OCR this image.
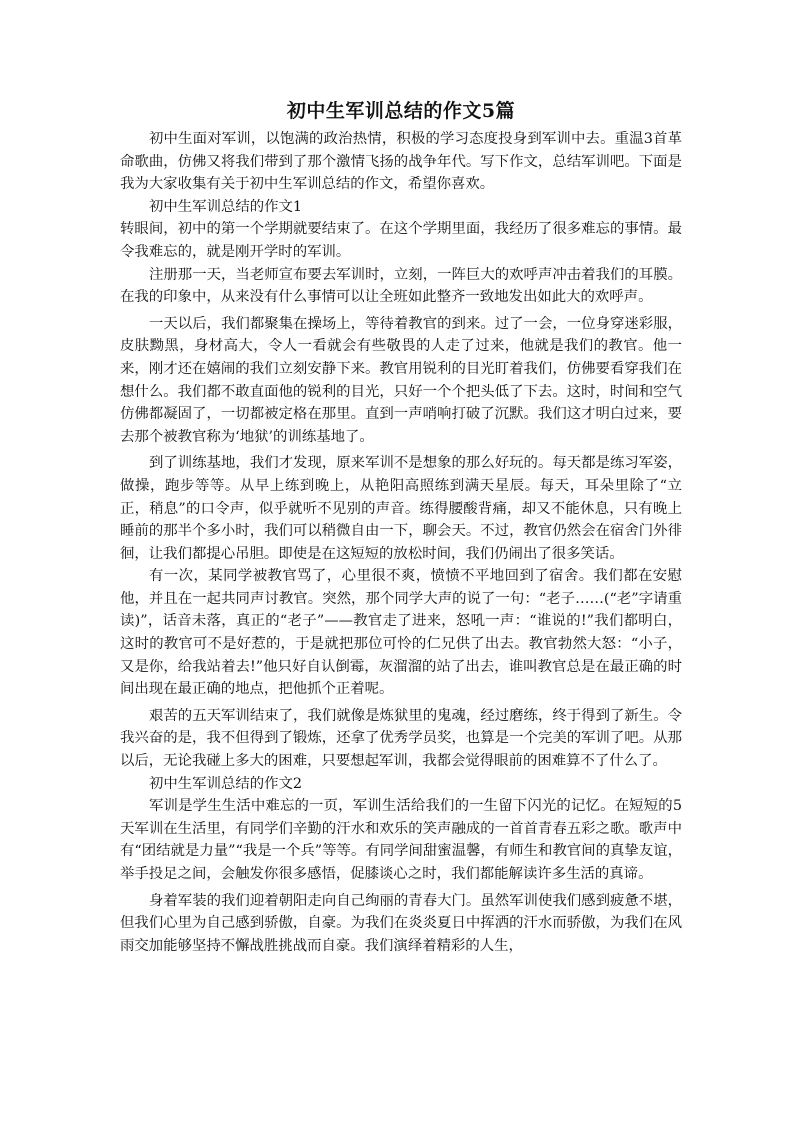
初中生军训总结的作文5篇

初中生面对军训，以饱满的政治热情，积极的学习态度投身到军训中去。重温3首革命歌曲，仿佛又将我们带到了那个激情飞扬的战争年代。写下作文，总结军训吧。下面是我为大家收集有关于初中生军训总结的作文，希望你喜欢。

初中生军训总结的作文1

转眼间，初中的第一个学期就要结束了。在这个学期里面，我经历了很多难忘的事情。最令我难忘的，就是刚开学时的军训。

注册那一天，当老师宣布要去军训时，立刻，一阵巨大的欢呼声冲击着我们的耳膜。在我的印象中，从来没有什么事情可以让全班如此整齐一致地发出如此大的欢呼声。

一天以后，我们都聚集在操场上，等待着教官的到来。过了一会，一位身穿迷彩服，皮肤黝黑，身材高大，令人一看就会有些敬畏的人走了过来，他就是我们的教官。他一来，刚才还在嬉闹的我们立刻安静下来。教官用锐利的目光盯着我们，仿佛要看穿我们在想什么。我们都不敢直面他的锐利的目光，只好一个个把头低了下去。这时，时间和空气仿佛都凝固了，一切都被定格在那里。直到一声哨响打破了沉默。我们这才明白过来，要去那个被教官称为‘地狱’的训练基地了。

到了训练基地，我们才发现，原来军训不是想象的那么好玩的。每天都是练习军姿，做操，跑步等等。从早上练到晚上，从艳阳高照练到满天星辰。每天，耳朵里除了“立正，稍息”的口令声，似乎就听不见别的声音。练得腰酸背痛，却又不能休息，只有晚上睡前的那半个多小时，我们可以稍微自由一下，聊会天。不过，教官仍然会在宿舍门外徘徊，让我们都提心吊胆。即使是在这短短的放松时间，我们仍闹出了很多笑话。

有一次，某同学被教官骂了，心里很不爽，愤愤不平地回到了宿舍。我们都在安慰他，并且在一起共同声讨教官。突然，那个同学大声的说了一句：“老子……(“老”字请重读)”，话音未落，真正的“老子”——教官走了进来，怒吼一声：“谁说的!”我们都明白，这时的教官可不是好惹的，于是就把那位可怜的仁兄供了出去。教官勃然大怒：“小子，又是你，给我站着去!”他只好自认倒霉，灰溜溜的站了出去，谁叫教官总是在最正确的时间出现在最正确的地点，把他抓个正着呢。

艰苦的五天军训结束了，我们就像是炼狱里的鬼魂，经过磨练，终于得到了新生。令我兴奋的是，我不但得到了锻炼，还拿了优秀学员奖，也算是一个完美的军训了吧。从那以后，无论我碰上多大的困难，只要想起军训，我都会觉得眼前的困难算不了什么了。

初中生军训总结的作文2

军训是学生生活中难忘的一页，军训生活给我们的一生留下闪光的记忆。在短短的5天军训在生活里，有同学们辛勤的汗水和欢乐的笑声融成的一首首青春五彩之歌。歌声中有“团结就是力量”“我是一个兵”等等。有同学间甜蜜温馨，有师生和教官间的真挚友谊，举手投足之间，会触发你很多感悟，促膝谈心之时，我们都能解读许多生活的真谛。

身着军装的我们迎着朝阳走向自己绚丽的青春大门。虽然军训使我们感到疲惫不堪，但我们心里为自己感到骄傲，自豪。为我们在炎炎夏日中挥洒的汗水而骄傲，为我们在风雨交加能够坚持不懈战胜挑战而自豪。我们演绎着精彩的人生，
